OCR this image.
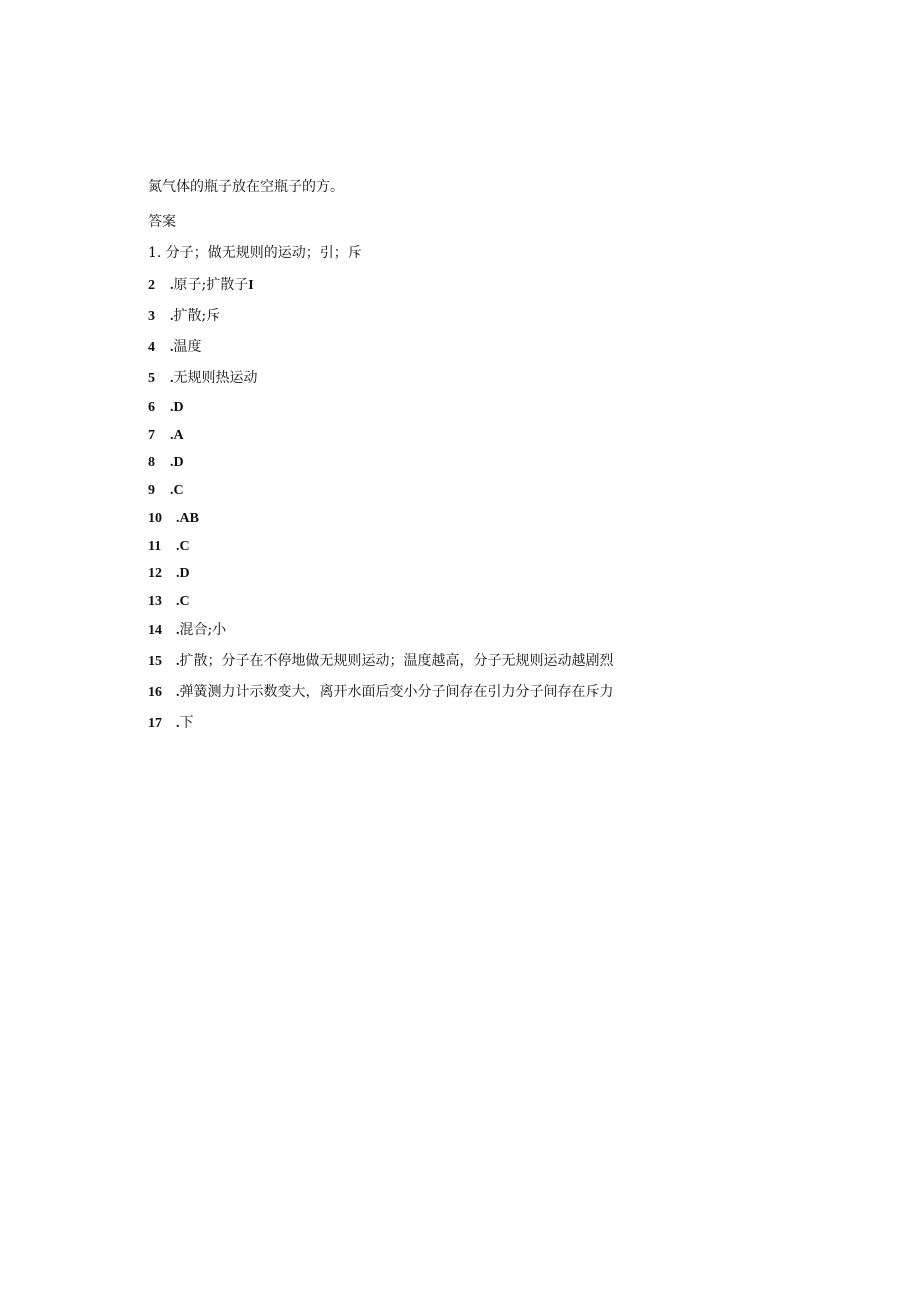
氮气体的瓶子放在空瓶子的方。
答案
1. 分子；做无规则的运动；引；斥
2 .原子;扩散子I
3 .扩散;斥
4 .温度
5 .无规则热运动
6 .D
7 .A
8 .D
9 .C
10 .AB
11 .C
12 .D
13 .C
14 .混合;小
15 .扩散；分子在不停地做无规则运动；温度越高，分子无规则运动越剧烈
16 .弹簧测力计示数变大，离开水面后变小分子间存在引力分子间存在斥力
17 .下
